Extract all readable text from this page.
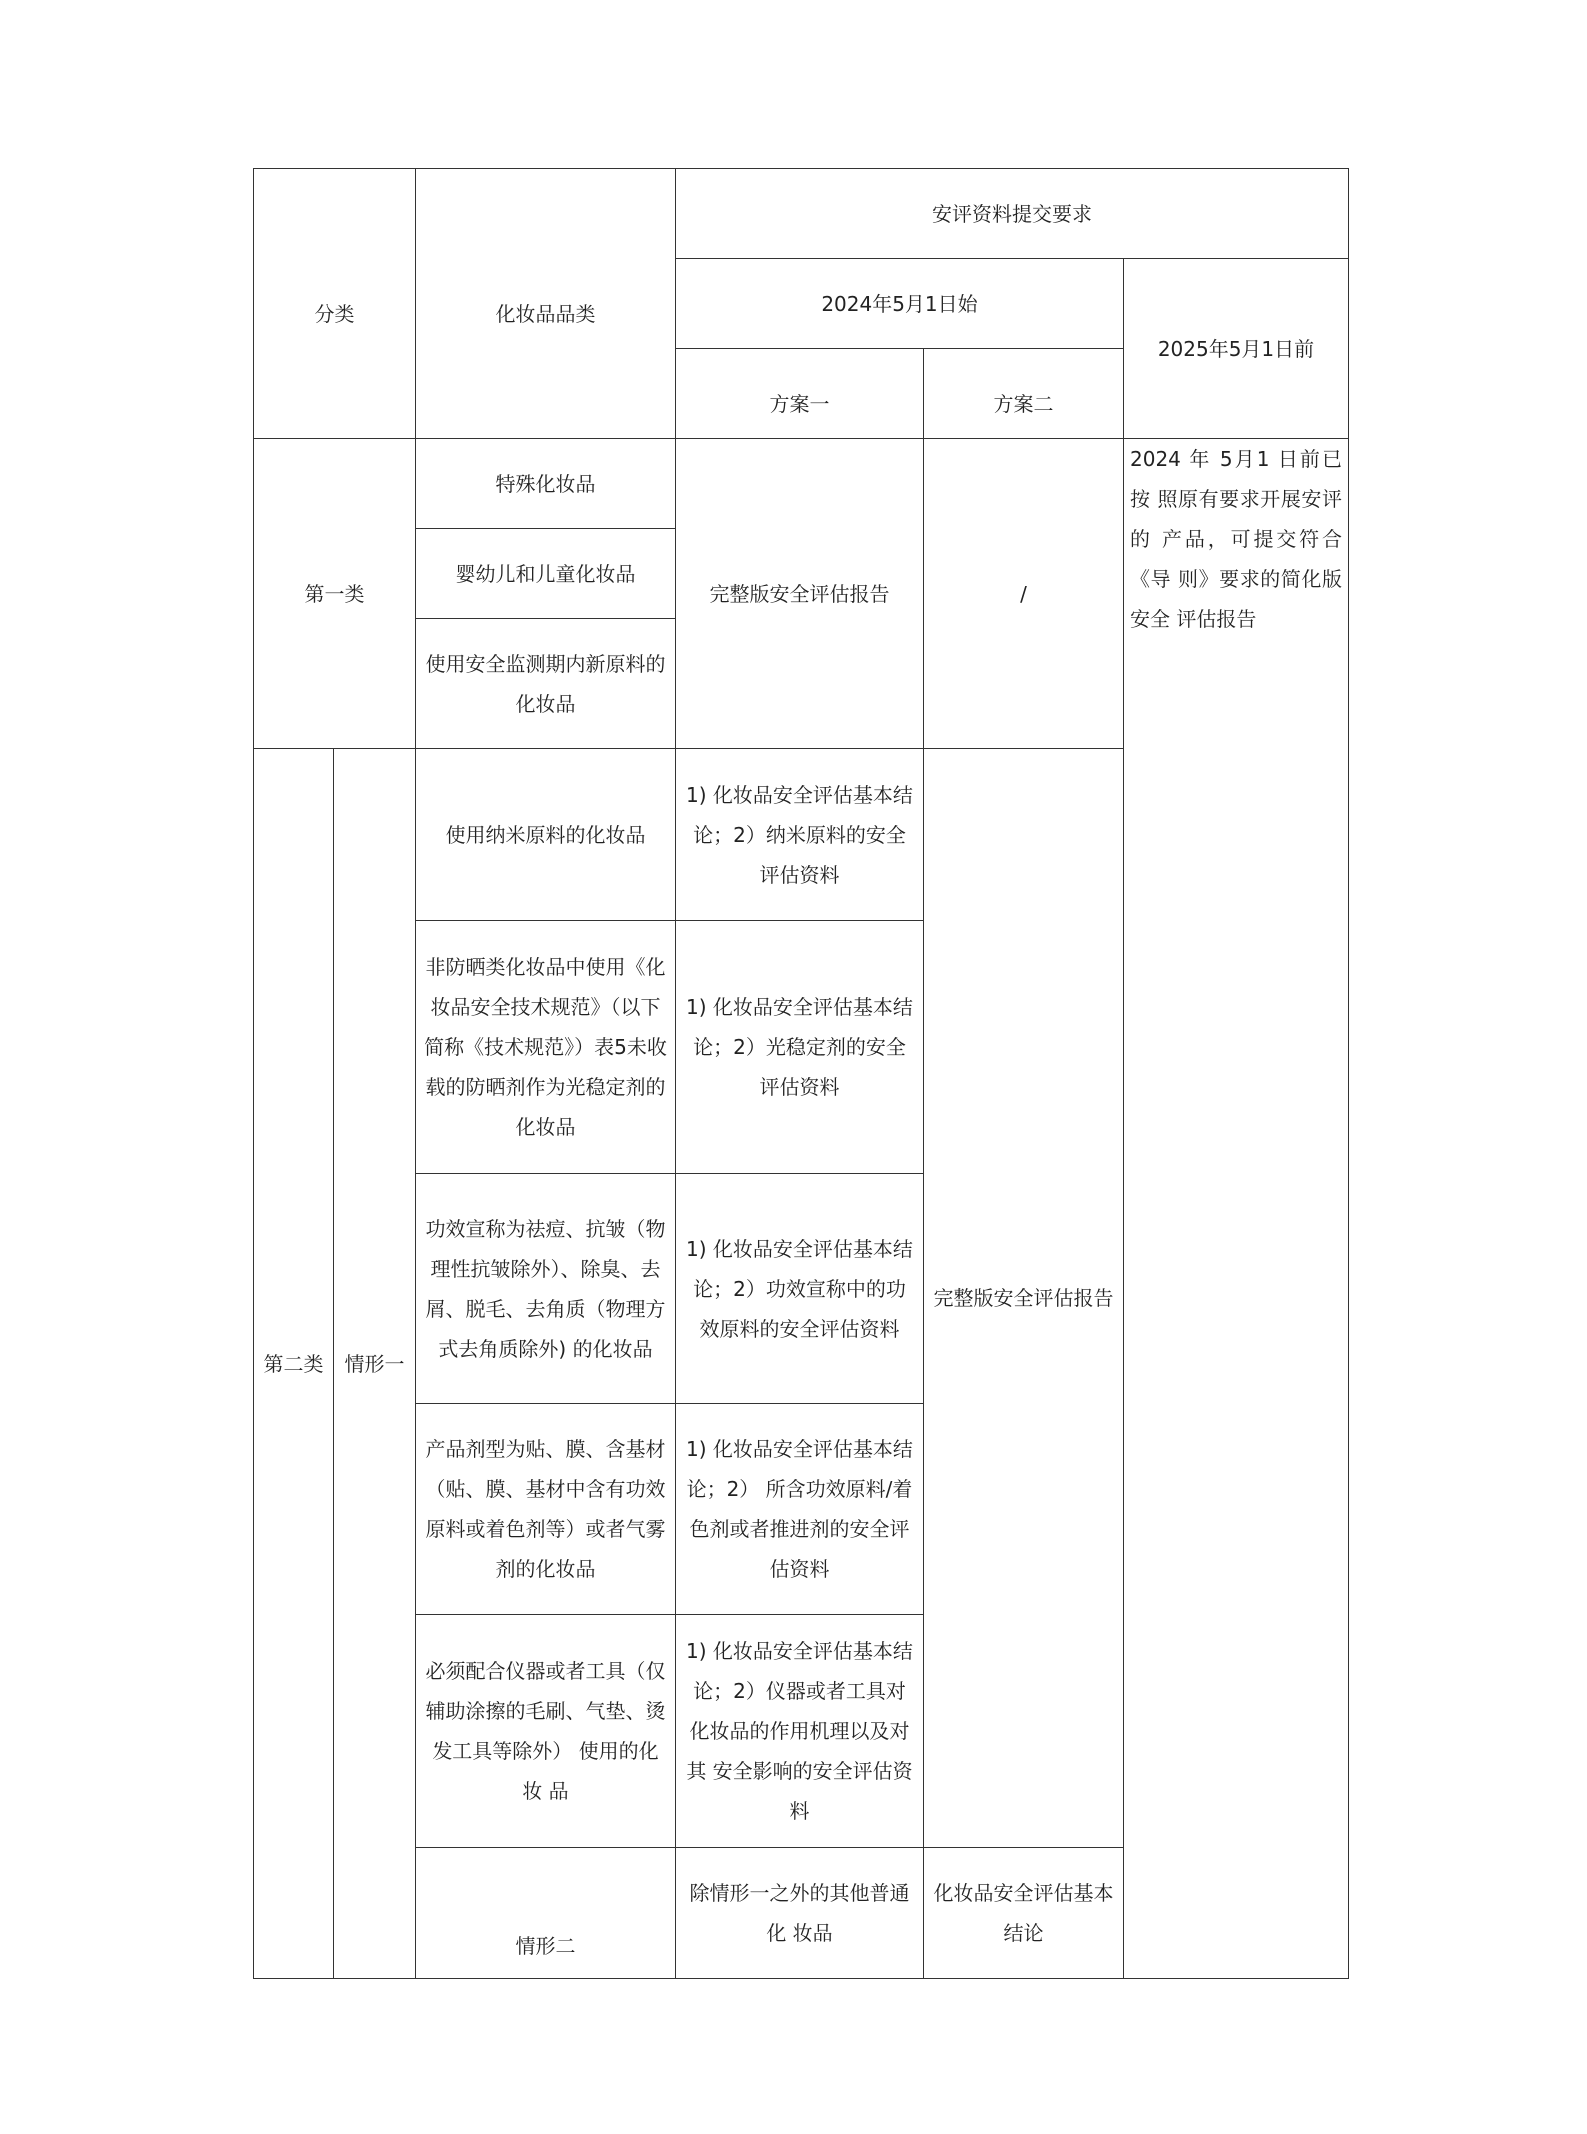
分类		化妆品品类	安评资料提交要求		
			2024年5月1日始		2025年5月1日前
			方案一	方案二	
第一类		特殊化妆品	完整版安全评估报告	/	2024 年 5月1 日前已按 照原有要求开展安评的 产品，可提交符合《导 则》要求的简化版安全 评估报告
		婴幼儿和儿童化妆品			
		使用安全监测期内新原料的 化妆品			
第二类	情形一	使用纳米原料的化妆品	1) 化妆品安全评估基本结论；2）纳米原料的安全评估资料	完整版安全评估报告	
		非防晒类化妆品中使用《化 妆品安全技术规范》（以下 简称《技术规范》）表5未收 载的防晒剂作为光稳定剂的 化妆品	1) 化妆品安全评估基本结论；2）光稳定剂的安全评估资料		
		功效宣称为祛痘、抗皱（物 理性抗皱除外）、除臭、去 屑、脱毛、去角质（物理方 式去角质除外) 的化妆品	1) 化妆品安全评估基本结论；2）功效宣称中的功效原料的安全评估资料		
		产品剂型为贴、膜、含基材 （贴、膜、基材中含有功效 原料或着色剂等）或者气雾 剂的化妆品	1) 化妆品安全评估基本结论；2） 所含功效原料/着 色剂或者推进剂的安全评 估资料		
		必须配合仪器或者工具（仅 辅助涂擦的毛刷、气垫、烫 发工具等除外） 使用的化妆 品	1) 化妆品安全评估基本结论；2）仪器或者工具对化妆品的作用机理以及对其 安全影响的安全评估资料		
		情形二	除情形一之外的其他普通化 妆品	化妆品安全评估基本结论	
